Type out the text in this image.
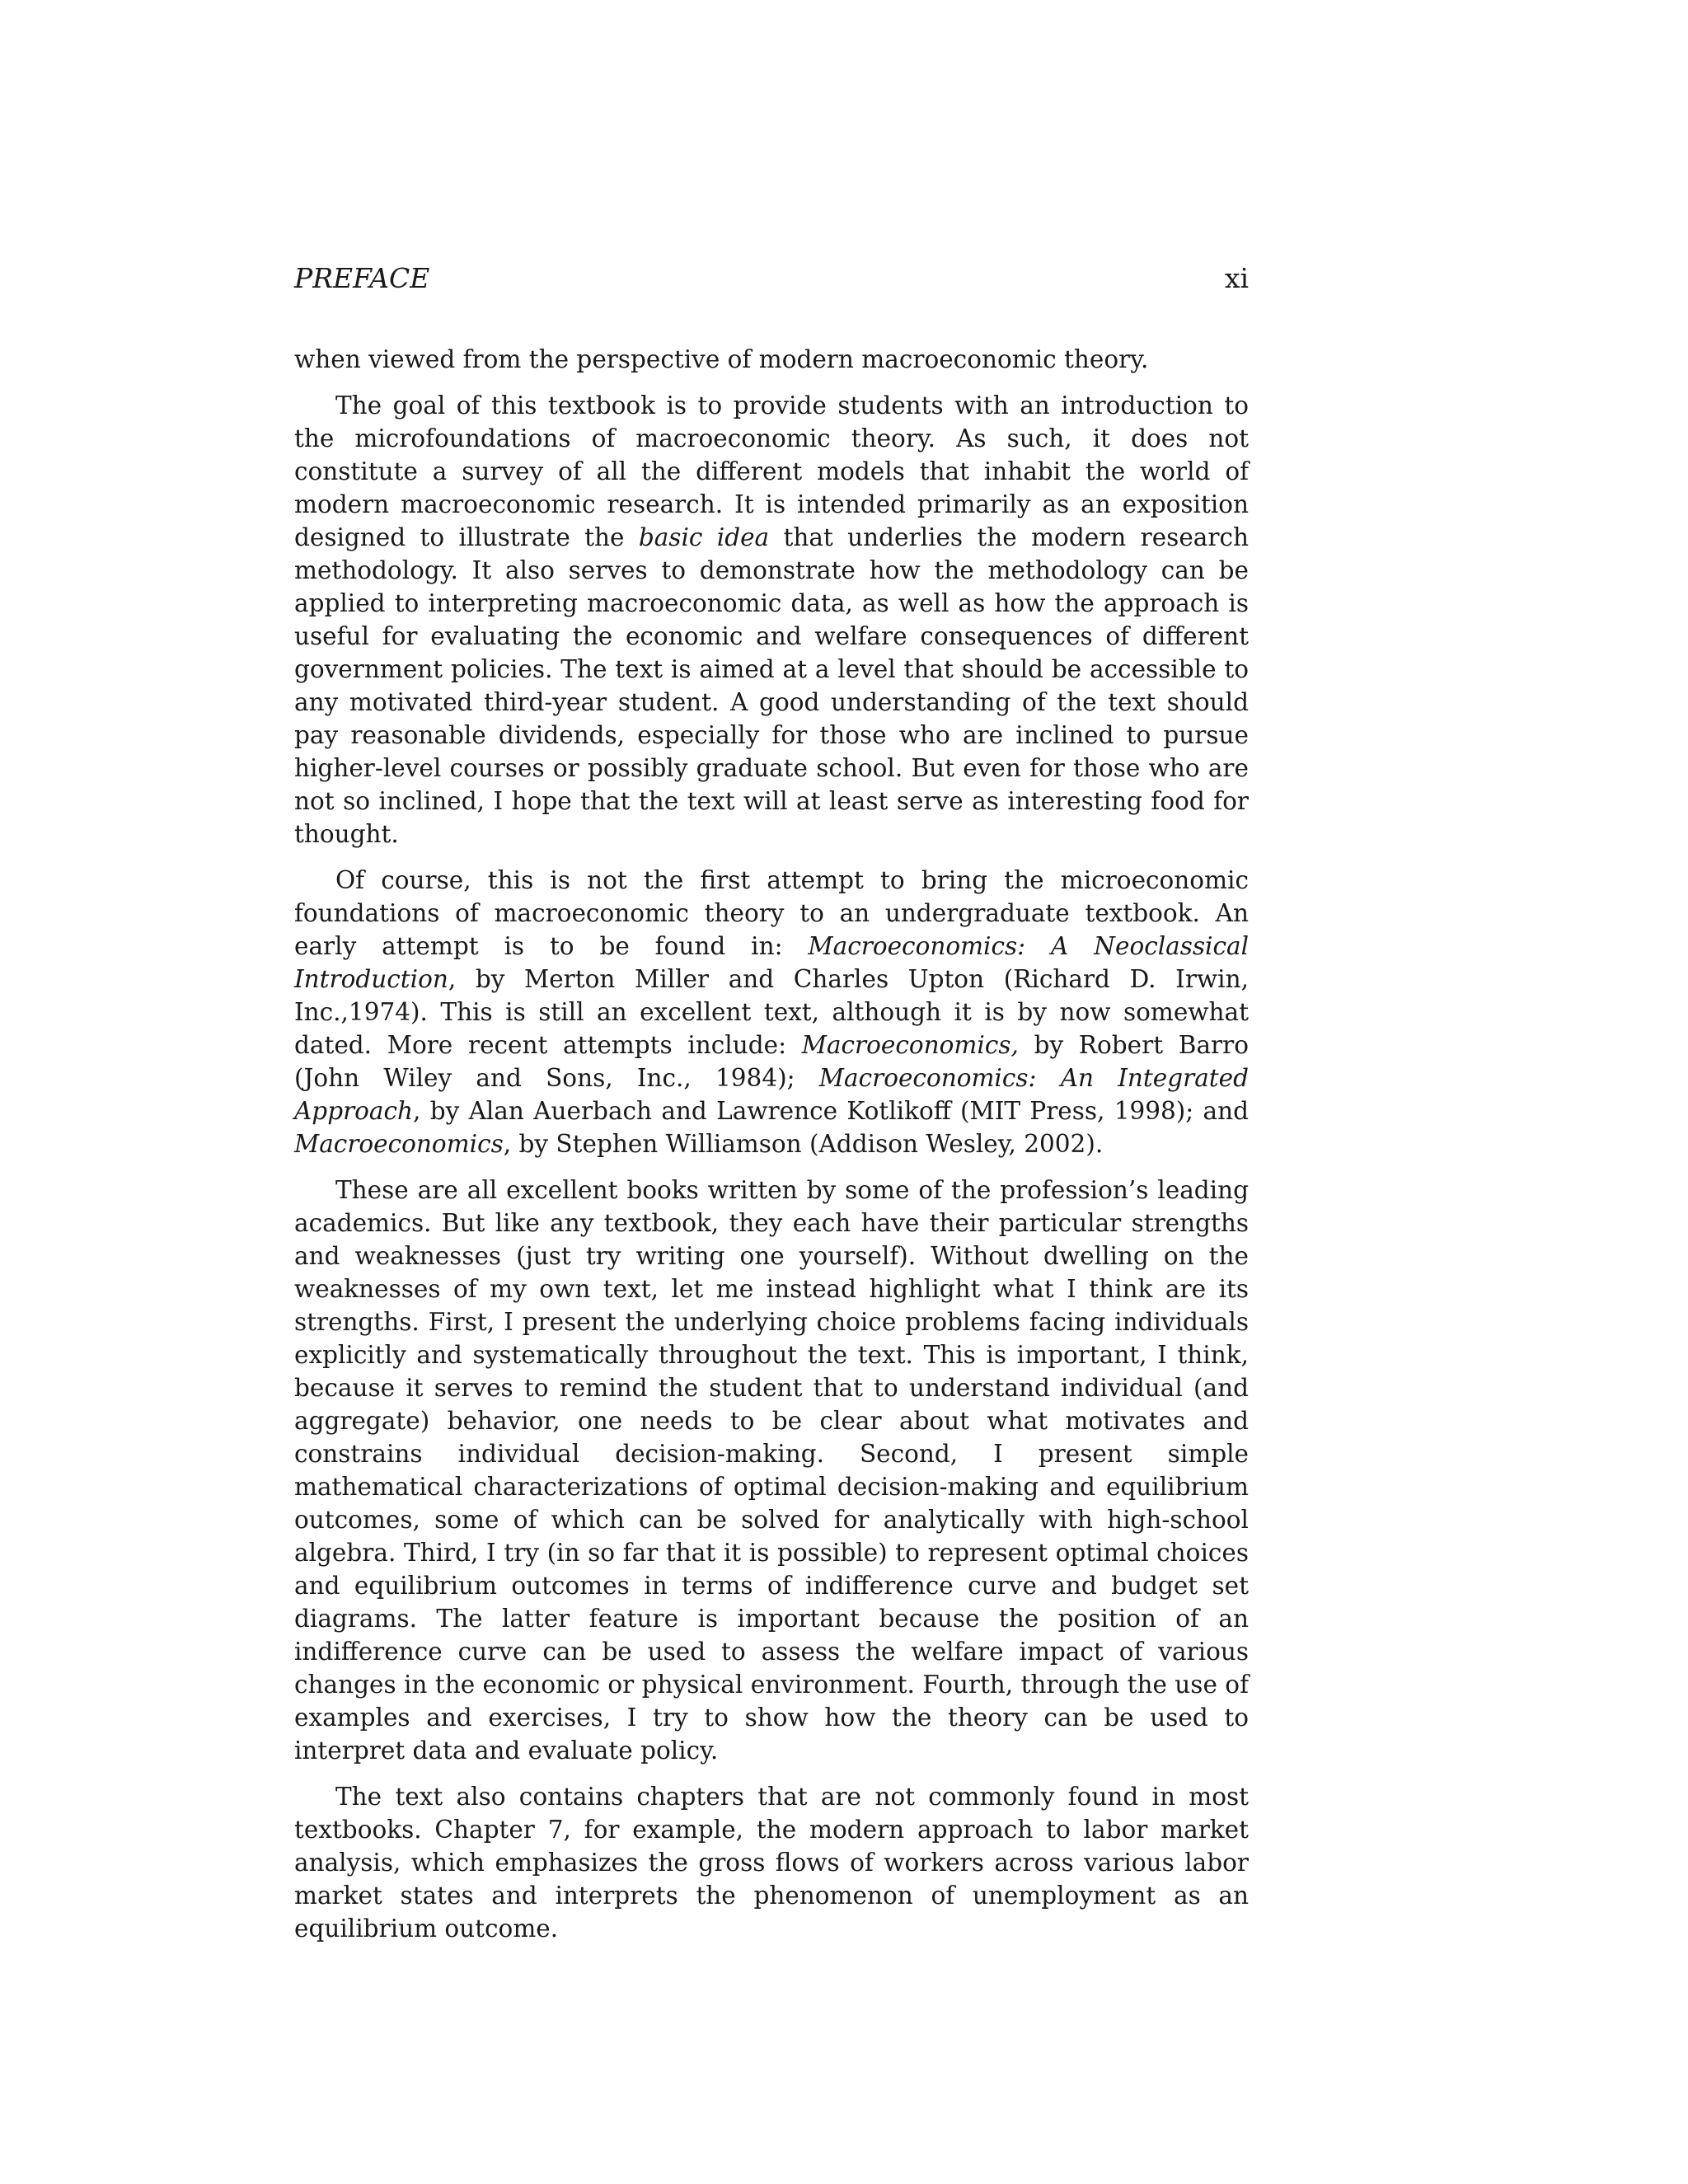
PREFACE	xi

when viewed from the perspective of modern macroeconomic theory.

The goal of this textbook is to provide students with an introduction to the microfoundations of macroeconomic theory. As such, it does not constitute a survey of all the different models that inhabit the world of modern macroeconomic research. It is intended primarily as an exposition designed to illustrate the basic idea that underlies the modern research methodology. It also serves to demonstrate how the methodology can be applied to interpreting macroeconomic data, as well as how the approach is useful for evaluating the economic and welfare consequences of different government policies. The text is aimed at a level that should be accessible to any motivated third-year student. A good understanding of the text should pay reasonable dividends, especially for those who are inclined to pursue higher-level courses or possibly graduate school. But even for those who are not so inclined, I hope that the text will at least serve as interesting food for thought.

Of course, this is not the first attempt to bring the microeconomic foundations of macroeconomic theory to an undergraduate textbook. An early attempt is to be found in: Macroeconomics: A Neoclassical Introduction, by Merton Miller and Charles Upton (Richard D. Irwin, Inc.,1974). This is still an excellent text, although it is by now somewhat dated. More recent attempts include: Macroeconomics, by Robert Barro (John Wiley and Sons, Inc., 1984); Macroeconomics: An Integrated Approach, by Alan Auerbach and Lawrence Kotlikoff (MIT Press, 1998); and Macroeconomics, by Stephen Williamson (Addison Wesley, 2002).

These are all excellent books written by some of the profession’s leading academics. But like any textbook, they each have their particular strengths and weaknesses (just try writing one yourself). Without dwelling on the weaknesses of my own text, let me instead highlight what I think are its strengths. First, I present the underlying choice problems facing individuals explicitly and systematically throughout the text. This is important, I think, because it serves to remind the student that to understand individual (and aggregate) behavior, one needs to be clear about what motivates and constrains individual decision-making. Second, I present simple mathematical characterizations of optimal decision-making and equilibrium outcomes, some of which can be solved for analytically with high-school algebra. Third, I try (in so far that it is possible) to represent optimal choices and equilibrium outcomes in terms of indifference curve and budget set diagrams. The latter feature is important because the position of an indifference curve can be used to assess the welfare impact of various changes in the economic or physical environment. Fourth, through the use of examples and exercises, I try to show how the theory can be used to interpret data and evaluate policy.

The text also contains chapters that are not commonly found in most textbooks. Chapter 7, for example, the modern approach to labor market analysis, which emphasizes the gross flows of workers across various labor market states and interprets the phenomenon of unemployment as an equilibrium outcome.
